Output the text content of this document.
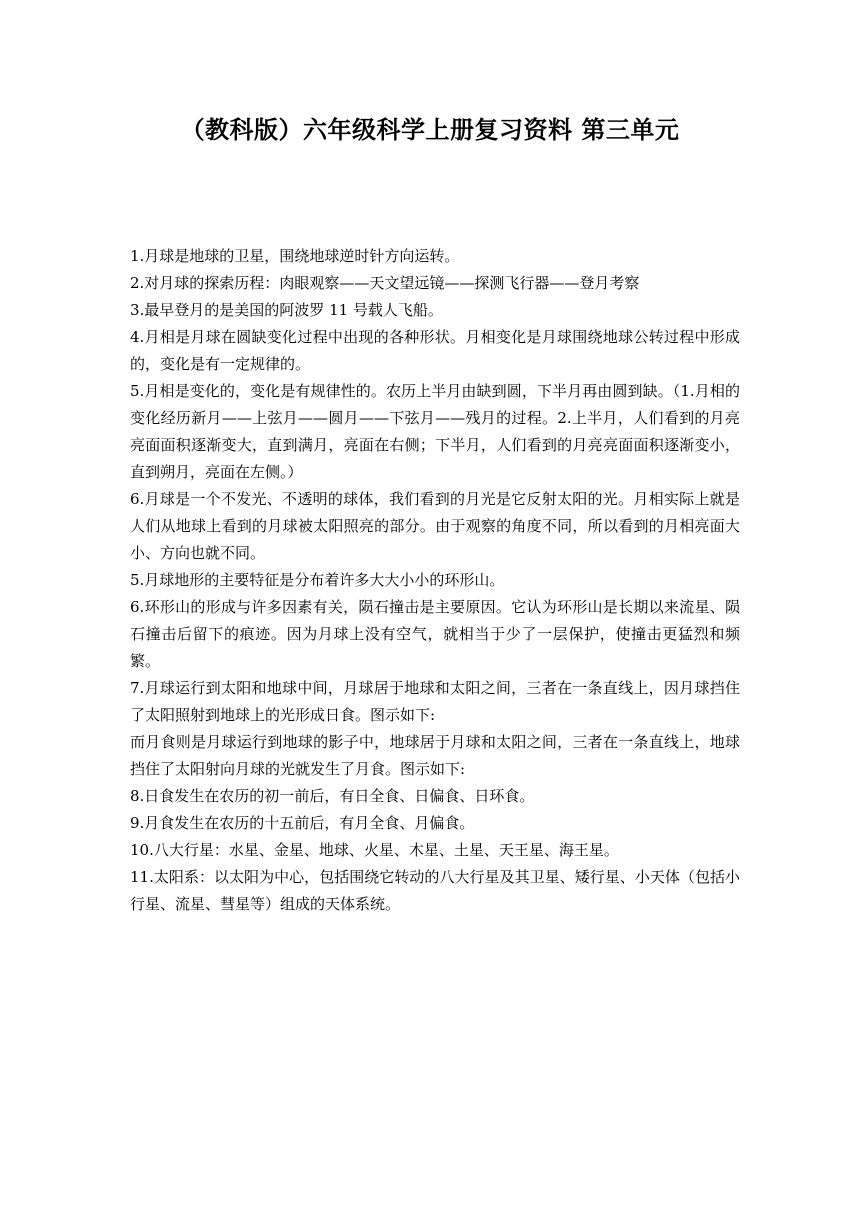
（教科版）六年级科学上册复习资料 第三单元

1.月球是地球的卫星，围绕地球逆时针方向运转。

2.对月球的探索历程：肉眼观察——天文望远镜——探测飞行器——登月考察

3.最早登月的是美国的阿波罗 11 号载人飞船。

4.月相是月球在圆缺变化过程中出现的各种形状。月相变化是月球围绕地球公转过程中形成的，变化是有一定规律的。

5.月相是变化的，变化是有规律性的。农历上半月由缺到圆，下半月再由圆到缺。（1.月相的变化经历新月——上弦月——圆月——下弦月——残月的过程。2.上半月，人们看到的月亮亮面面积逐渐变大，直到满月，亮面在右侧；下半月，人们看到的月亮亮面面积逐渐变小，直到朔月，亮面在左侧。）

6.月球是一个不发光、不透明的球体，我们看到的月光是它反射太阳的光。月相实际上就是人们从地球上看到的月球被太阳照亮的部分。由于观察的角度不同，所以看到的月相亮面大小、方向也就不同。

5.月球地形的主要特征是分布着许多大大小小的环形山。

6.环形山的形成与许多因素有关，陨石撞击是主要原因。它认为环形山是长期以来流星、陨石撞击后留下的痕迹。因为月球上没有空气，就相当于少了一层保护，使撞击更猛烈和频繁。

7.月球运行到太阳和地球中间，月球居于地球和太阳之间，三者在一条直线上，因月球挡住了太阳照射到地球上的光形成日食。图示如下:

而月食则是月球运行到地球的影子中，地球居于月球和太阳之间，三者在一条直线上，地球挡住了太阳射向月球的光就发生了月食。图示如下:

8.日食发生在农历的初一前后，有日全食、日偏食、日环食。

9.月食发生在农历的十五前后，有月全食、月偏食。

10.八大行星：水星、金星、地球、火星、木星、土星、天王星、海王星。

11.太阳系：以太阳为中心，包括围绕它转动的八大行星及其卫星、矮行星、小天体（包括小行星、流星、彗星等）组成的天体系统。
